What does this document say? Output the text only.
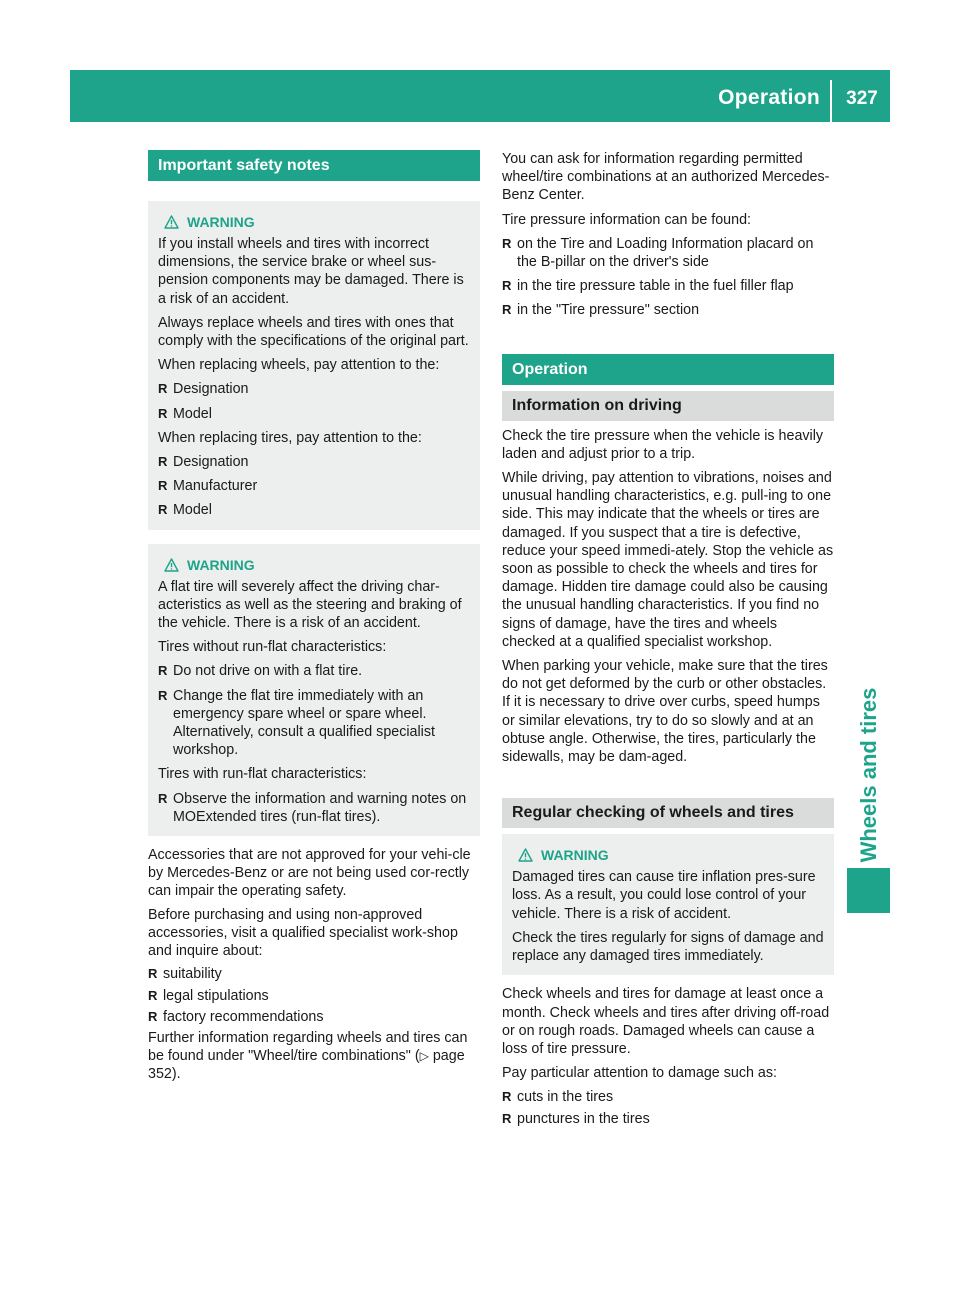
Operation	327
Wheels and tires
Important safety notes
WARNING

If you install wheels and tires with incorrect dimensions, the service brake or wheel sus-pension components may be damaged. There is a risk of an accident.

Always replace wheels and tires with ones that comply with the specifications of the original part.

When replacing wheels, pay attention to the:

R Designation
R Model

When replacing tires, pay attention to the:

R Designation
R Manufacturer
R Model
WARNING

A flat tire will severely affect the driving char-acteristics as well as the steering and braking of the vehicle. There is a risk of an accident.

Tires without run-flat characteristics:

R Do not drive on with a flat tire.
R Change the flat tire immediately with an emergency spare wheel or spare wheel. Alternatively, consult a qualified specialist workshop.

Tires with run-flat characteristics:

R Observe the information and warning notes on MOExtended tires (run-flat tires).

Accessories that are not approved for your vehi-cle by Mercedes-Benz or are not being used cor-rectly can impair the operating safety.

Before purchasing and using non-approved accessories, visit a qualified specialist work-shop and inquire about:

R suitability
R legal stipulations
R factory recommendations

Further information regarding wheels and tires can be found under "Wheel/tire combinations" (▷ page 352).

You can ask for information regarding permitted wheel/tire combinations at an authorized Mercedes-Benz Center.

Tire pressure information can be found:

R on the Tire and Loading Information placard on the B-pillar on the driver's side
R in the tire pressure table in the fuel filler flap
R in the "Tire pressure" section
Operation
Information on driving

Check the tire pressure when the vehicle is heavily laden and adjust prior to a trip.

While driving, pay attention to vibrations, noises and unusual handling characteristics, e.g. pull-ing to one side. This may indicate that the wheels or tires are damaged. If you suspect that a tire is defective, reduce your speed immedi-ately. Stop the vehicle as soon as possible to check the wheels and tires for damage. Hidden tire damage could also be causing the unusual handling characteristics. If you find no signs of damage, have the tires and wheels checked at a qualified specialist workshop.

When parking your vehicle, make sure that the tires do not get deformed by the curb or other obstacles. If it is necessary to drive over curbs, speed humps or similar elevations, try to do so slowly and at an obtuse angle. Otherwise, the tires, particularly the sidewalls, may be dam-aged.

Regular checking of wheels and tires
WARNING

Damaged tires can cause tire inflation pres-sure loss. As a result, you could lose control of your vehicle. There is a risk of accident.

Check the tires regularly for signs of damage and replace any damaged tires immediately.

Check wheels and tires for damage at least once a month. Check wheels and tires after driving off-road or on rough roads. Damaged wheels can cause a loss of tire pressure.

Pay particular attention to damage such as:

R cuts in the tires
R punctures in the tires
